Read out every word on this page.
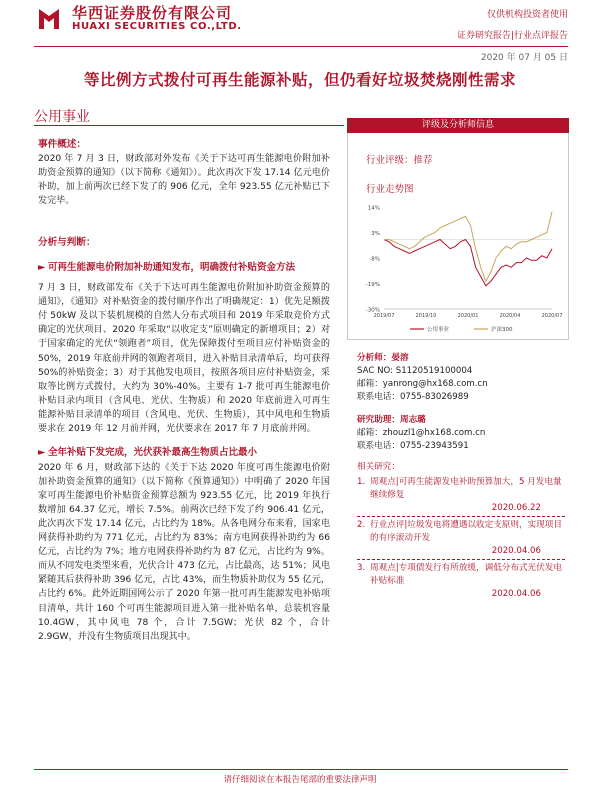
华西证券股份有限公司
HUAXI SECURITIES CO.,LTD.
仅供机构投资者使用
证券研究报告|行业点评报告
2020 年 07 月 05 日
等比例方式拨付可再生能源补贴，但仍看好垃圾焚烧刚性需求
公用事业
事件概述：
2020 年 7 月 3 日，财政部对外发布《关于下达可再生能源电价附加补助资金预算的通知》（以下简称《通知》）。此次再次下发 17.14 亿元电价补助，加上前两次已经下发了的 906 亿元，全年 923.55 亿元补贴已下发完毕。
分析与判断：
► 可再生能源电价附加补助通知发布，明确拨付补贴资金方法
7 月 3 日，财政部发布《关于下达可再生能源电价附加补助资金预算的通知》，《通知》对补贴资金的拨付顺序作出了明确规定：1）优先足额拨付 50kW 及以下装机规模的自然人分布式项目和 2019 年采取竞价方式确定的光伏项目、2020 年采取“以收定支”原则确定的新增项目；2）对于国家确定的光伏“领跑者”项目，优先保障拨付至项目应付补贴资金的 50%，2019 年底前并网的领跑者项目，进入补贴目录清单后，均可获得 50%的补贴资金；3）对于其他发电项目，按照各项目应付补贴资金，采取等比例方式拨付，大约为 30%-40%。主要有 1-7 批可再生能源电价补贴目录内项目（含风电、光伏、生物质）和 2020 年底前进入可再生能源补贴目录清单的项目（含风电、光伏、生物质），其中风电和生物质要求在 2019 年 12 月前并网，光伏要求在 2017 年 7 月底前并网。
► 全年补贴下发完成，光伏获补最高生物质占比最小
2020 年 6 月，财政部下达的《关于下达 2020 年度可再生能源电价附加补助资金预算的通知》（以下简称《预算通知》）中明确了 2020 年国家可再生能源电价补贴资金预算总额为 923.55 亿元，比 2019 年执行数增加 64.37 亿元，增长 7.5%。前两次已经下发了约 906.41 亿元，此次再次下发 17.14 亿元，占比约为 18%。从各电网分布来看，国家电网获得补助约为 771 亿元，占比约为 83%；南方电网获得补助约为 66 亿元，占比约为 7%；地方电网获得补助约为 87 亿元，占比约为 9%。而从不同发电类型来看，光伏合计 473 亿元，占比最高，达 51%；风电紧随其后获得补助 396 亿元，占比 43%，而生物质补助仅为 55 亿元，占比约 6%。此外近期国网公示了 2020 年第一批可再生能源发电补贴项目清单，共计 160 个可再生能源项目进入第一批补贴名单，总装机容量 10.4GW，其中风电 78 个，合计 7.5GW；光伏 82 个，合计 2.9GW，并没有生物质项目出现其中。
评级及分析师信息
行业评级：推荐
行业走势图
14%
3%
-8%
-19%
-30%
2019/07	2019/10	2020/01	2020/04	2020/07
公用事业	沪深300
分析师：晏溶
SAC NO: S1120519100004
邮箱：yanrong@hx168.com.cn
联系电话：0755-83026989
研究助理：周志璐
邮箱：zhouzl1@hx168.com.cn
联系电话：0755-23943591
相关研究：
1. 周观点|可再生能源发电补助预算加大，5 月发电量继续修复
2020.06.22
2. 行业点评|垃圾发电将遭遇以收定支原则，实现项目的有序滚动开发
2020.04.06
3. 周观点|专项债发行有所放缓，调低分布式光伏发电补贴标准
2020.04.06
请仔细阅读在本报告尾部的重要法律声明
